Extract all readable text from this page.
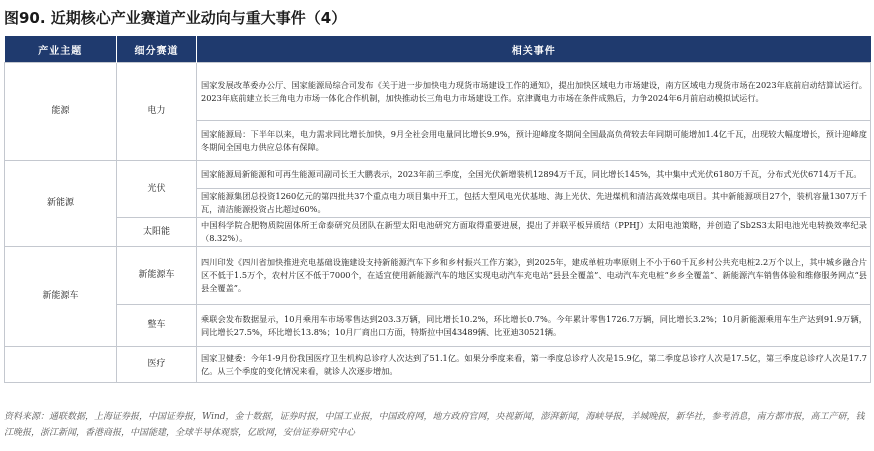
图90. 近期核心产业赛道产业动向与重大事件（4）
产业主题	细分赛道	相关事件
能源	电力	国家发展改革委办公厅、国家能源局综合司发布《关于进一步加快电力现货市场建设工作的通知》，提出加快区域电力市场建设，南方区域电力现货市场在2023年底前启动结算试运行。2023年底前建立长三角电力市场一体化合作机制，加快推动长三角电力市场建设工作。京津冀电力市场在条件成熟后，力争2024年6月前启动模拟试运行。
		国家能源局：下半年以来，电力需求同比增长加快，9月全社会用电量同比增长9.9%，预计迎峰度冬期间全国最高负荷较去年同期可能增加1.4亿千瓦，出现较大幅度增长，预计迎峰度冬期间全国电力供应总体有保障。
新能源	光伏	国家能源局新能源和可再生能源司副司长王大鹏表示，2023年前三季度，全国光伏新增装机12894万千瓦，同比增长145%，其中集中式光伏6180万千瓦，分布式光伏6714万千瓦。
		国家能源集团总投资1260亿元的第四批共37个重点电力项目集中开工，包括大型风电光伏基地、海上光伏、先进煤机和清洁高效煤电项目。其中新能源项目27个，装机容量1307万千瓦，清洁能源投资占比超过60%。
	太阳能	中国科学院合肥物质院固体所王命泰研究员团队在新型太阳电池研究方面取得重要进展，提出了并联平板异质结（PPHJ）太阳电池策略，并创造了Sb2S3太阳电池光电转换效率纪录（8.32%）。
新能源车	新能源车	四川印发《四川省加快推进充电基础设施建设支持新能源汽车下乡和乡村振兴工作方案》，到2025年，建成单桩功率原则上不小于60千瓦乡村公共充电桩2.2万个以上，其中城乡融合片区不低于1.5万个，农村片区不低于7000个，在适宜使用新能源汽车的地区实现电动汽车充电站“县县全覆盖”、电动汽车充电桩“乡乡全覆盖”、新能源汽车销售体验和维修服务网点“县县全覆盖”。
	整车	乘联会发布数据显示，10月乘用车市场零售达到203.3万辆，同比增长10.2%，环比增长0.7%。今年累计零售1726.7万辆，同比增长3.2%；10月新能源乘用车生产达到91.9万辆，同比增长27.5%，环比增长13.8%；10月厂商出口方面，特斯拉中国43489辆、比亚迪30521辆。
	医疗	国家卫健委：今年1-9月份我国医疗卫生机构总诊疗人次达到了51.1亿。如果分季度来看，第一季度总诊疗人次是15.9亿，第二季度总诊疗人次是17.5亿，第三季度总诊疗人次是17.7亿。从三个季度的变化情况来看，就诊人次逐步增加。
资料来源：通联数据，上海证券报，中国证券报，Wind，金十数据，证券时报，中国工业报，中国政府网，地方政府官网，央视新闻，澎湃新闻，海峡导报，羊城晚报，新华社，参考消息，南方都市报，高工产研，钱江晚报，浙江新闻，香港商报，中国能建，全球半导体观察，亿欧网，安信证券研究中心
